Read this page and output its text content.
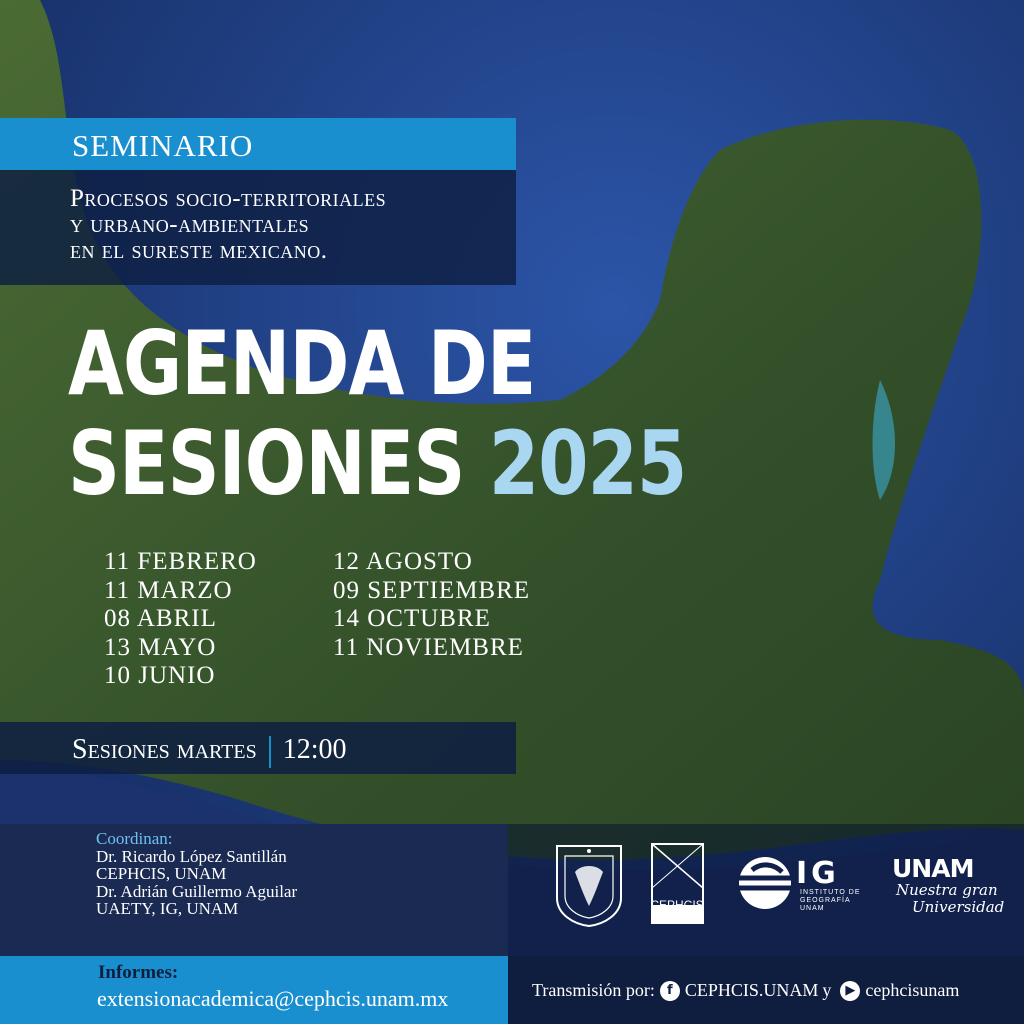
SEMINARIO
Procesos socio-territoriales
y urbano-ambientales
en el sureste mexicano.
AGENDA DE
SESIONES 2025
11 FEBRERO
11 MARZO
08 ABRIL
13 MAYO
10 JUNIO
12 AGOSTO
09 SEPTIEMBRE
14 OCTUBRE
11 NOVIEMBRE
Sesiones martes 12:00
Coordinan:
Dr. Ricardo López Santillán
CEPHCIS, UNAM
Dr. Adrián Guillermo Aguilar
UAETY, IG, UNAM
Informes:
extensionacademica@cephcis.unam.mx	Transmisión por: f CEPHCIS.UNAM y	▶ cephcisunam
CEPHCIS
IG
INSTITUTO DE
GEOGRAFÍA
UNAM
UNAM
Nuestra gran
Universidad
